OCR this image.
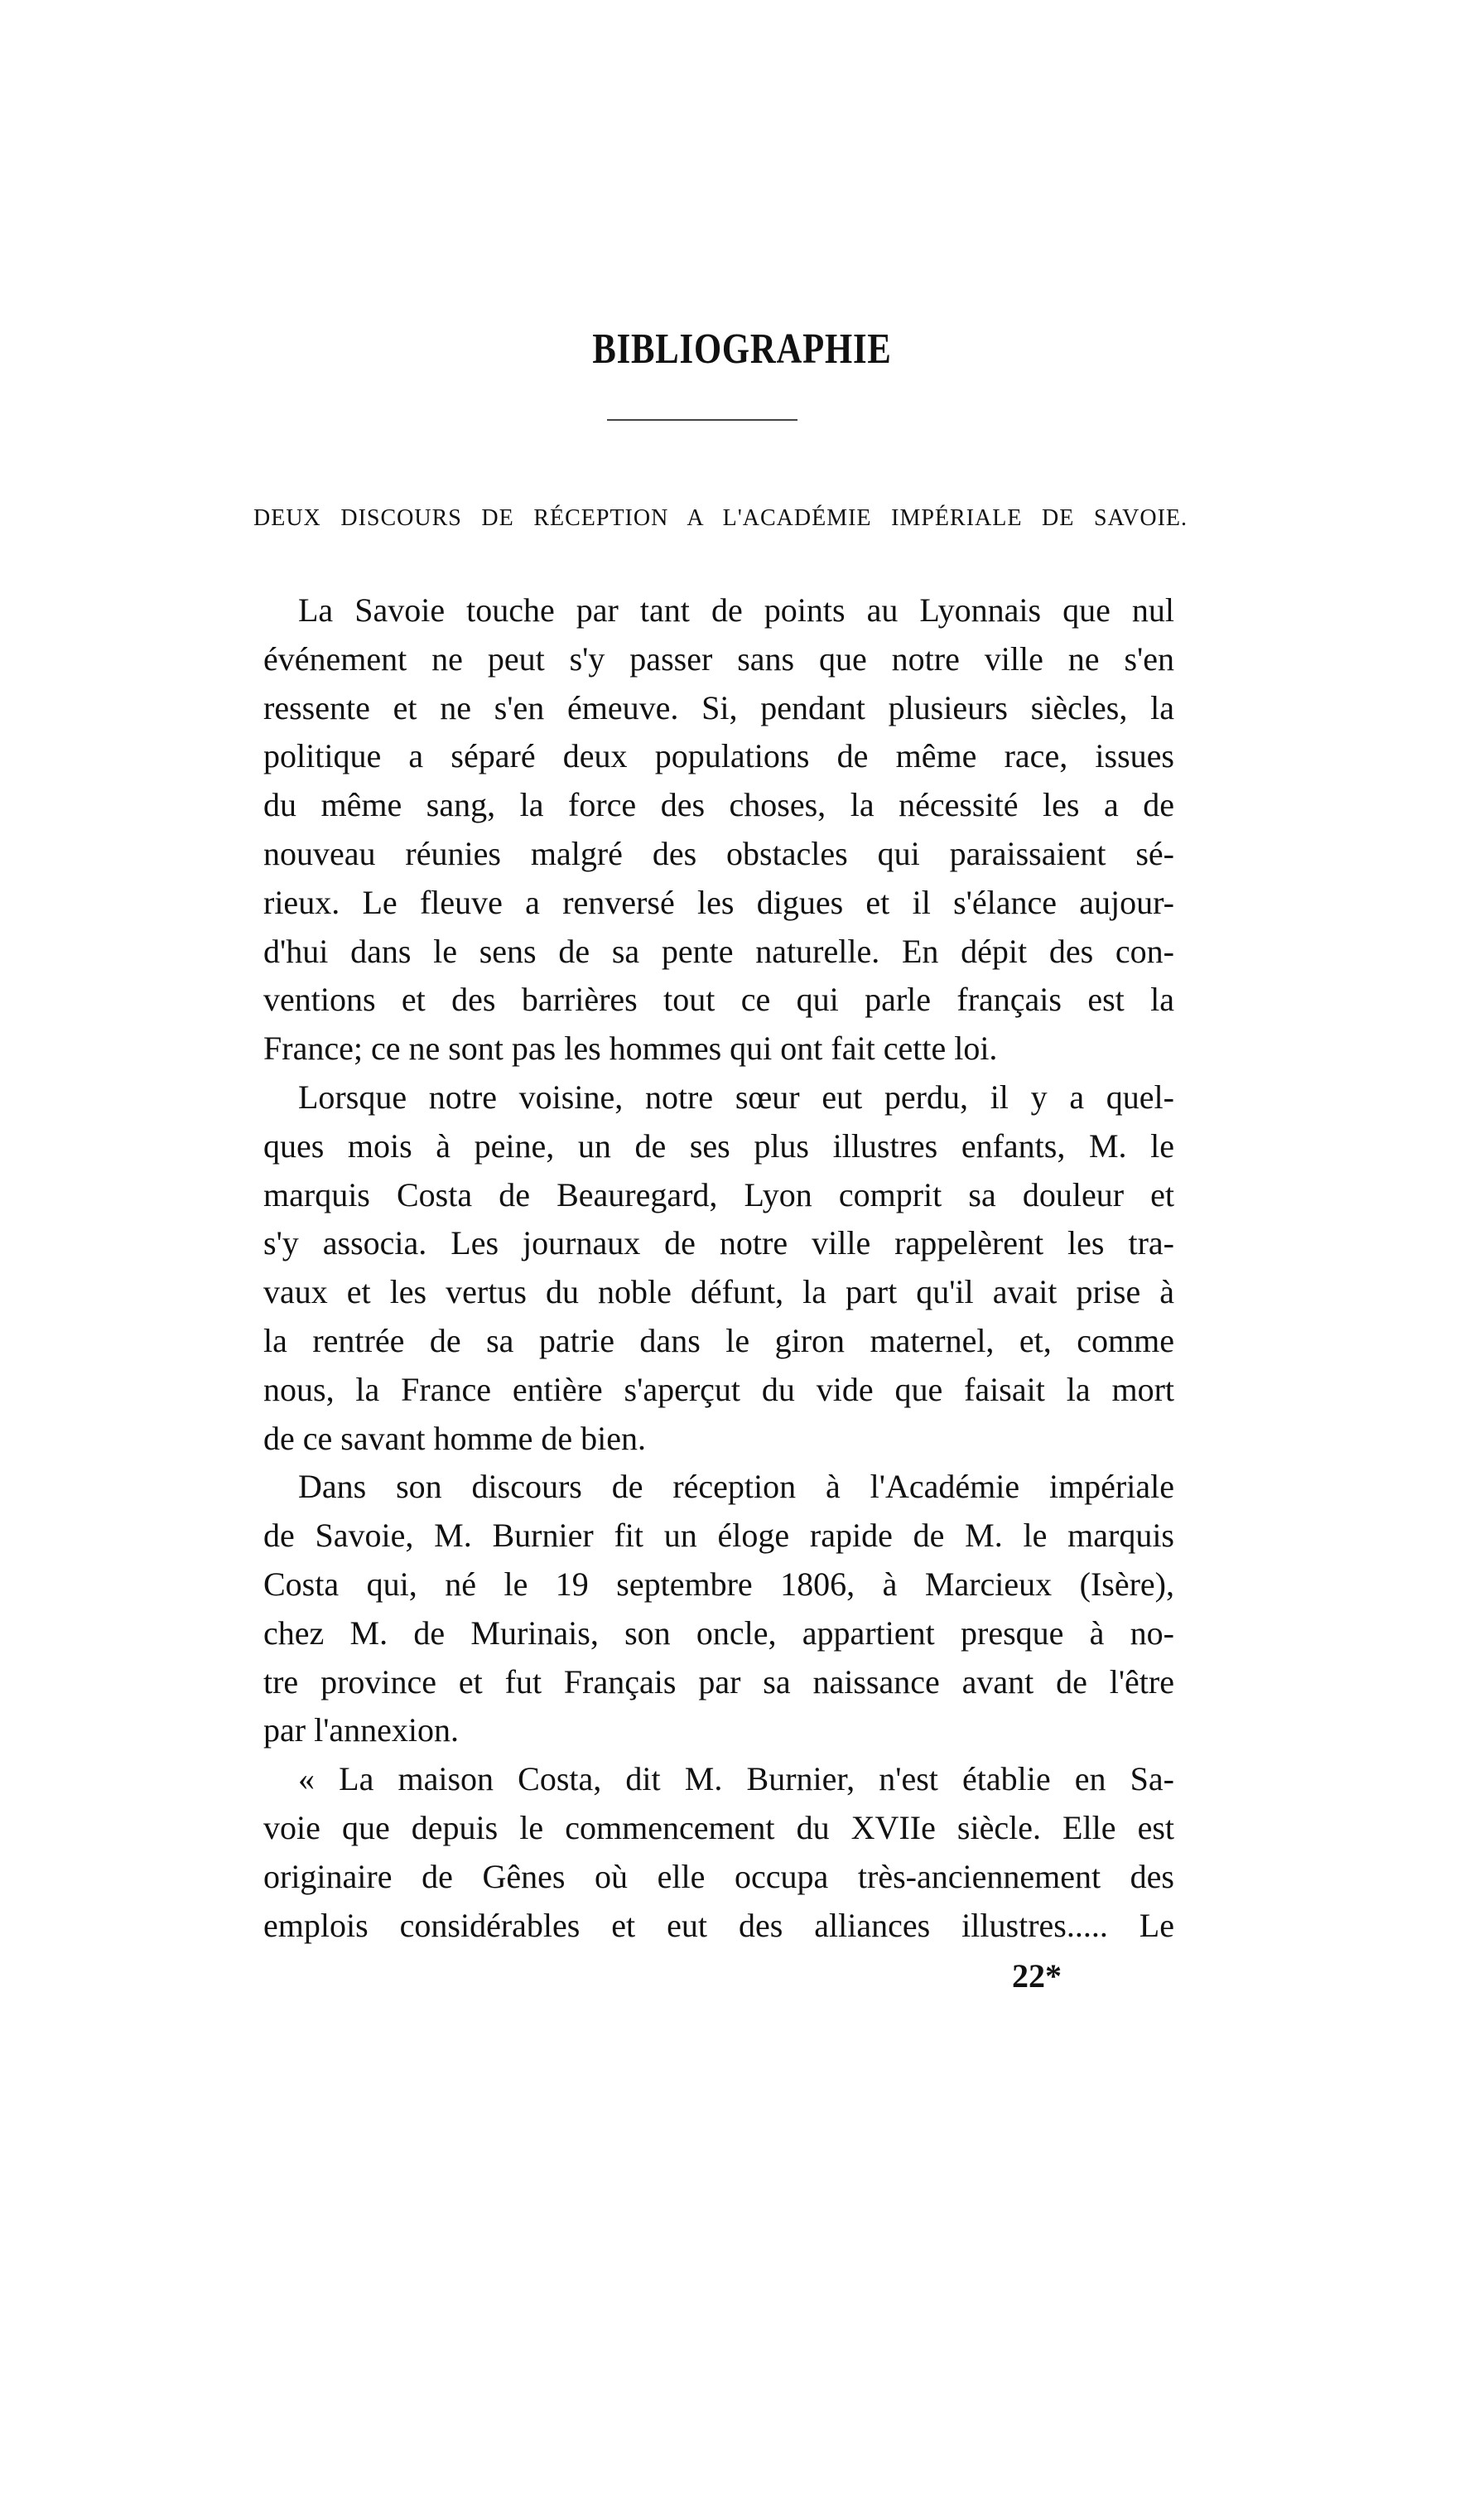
BIBLIOGRAPHIE
DEUX DISCOURS DE RÉCEPTION A L'ACADÉMIE IMPÉRIALE DE SAVOIE.
La Savoie touche par tant de points au Lyonnais que nul
événement ne peut s'y passer sans que notre ville ne s'en
ressente et ne s'en émeuve. Si, pendant plusieurs siècles, la
politique a séparé deux populations de même race, issues
du même sang, la force des choses, la nécessité les a de
nouveau réunies malgré des obstacles qui paraissaient sé-
rieux. Le fleuve a renversé les digues et il s'élance aujour-
d'hui dans le sens de sa pente naturelle. En dépit des con-
ventions et des barrières tout ce qui parle français est la
France; ce ne sont pas les hommes qui ont fait cette loi.
Lorsque notre voisine, notre sœur eut perdu, il y a quel-
ques mois à peine, un de ses plus illustres enfants, M. le
marquis Costa de Beauregard, Lyon comprit sa douleur et
s'y associa. Les journaux de notre ville rappelèrent les tra-
vaux et les vertus du noble défunt, la part qu'il avait prise à
la rentrée de sa patrie dans le giron maternel, et, comme
nous, la France entière s'aperçut du vide que faisait la mort
de ce savant homme de bien.
Dans son discours de réception à l'Académie impériale
de Savoie, M. Burnier fit un éloge rapide de M. le marquis
Costa qui, né le 19 septembre 1806, à Marcieux (Isère),
chez M. de Murinais, son oncle, appartient presque à no-
tre province et fut Français par sa naissance avant de l'être
par l'annexion.
« La maison Costa, dit M. Burnier, n'est établie en Sa-
voie que depuis le commencement du XVIIe siècle. Elle est
originaire de Gênes où elle occupa très-anciennement des
emplois considérables et eut des alliances illustres..... Le
22*
